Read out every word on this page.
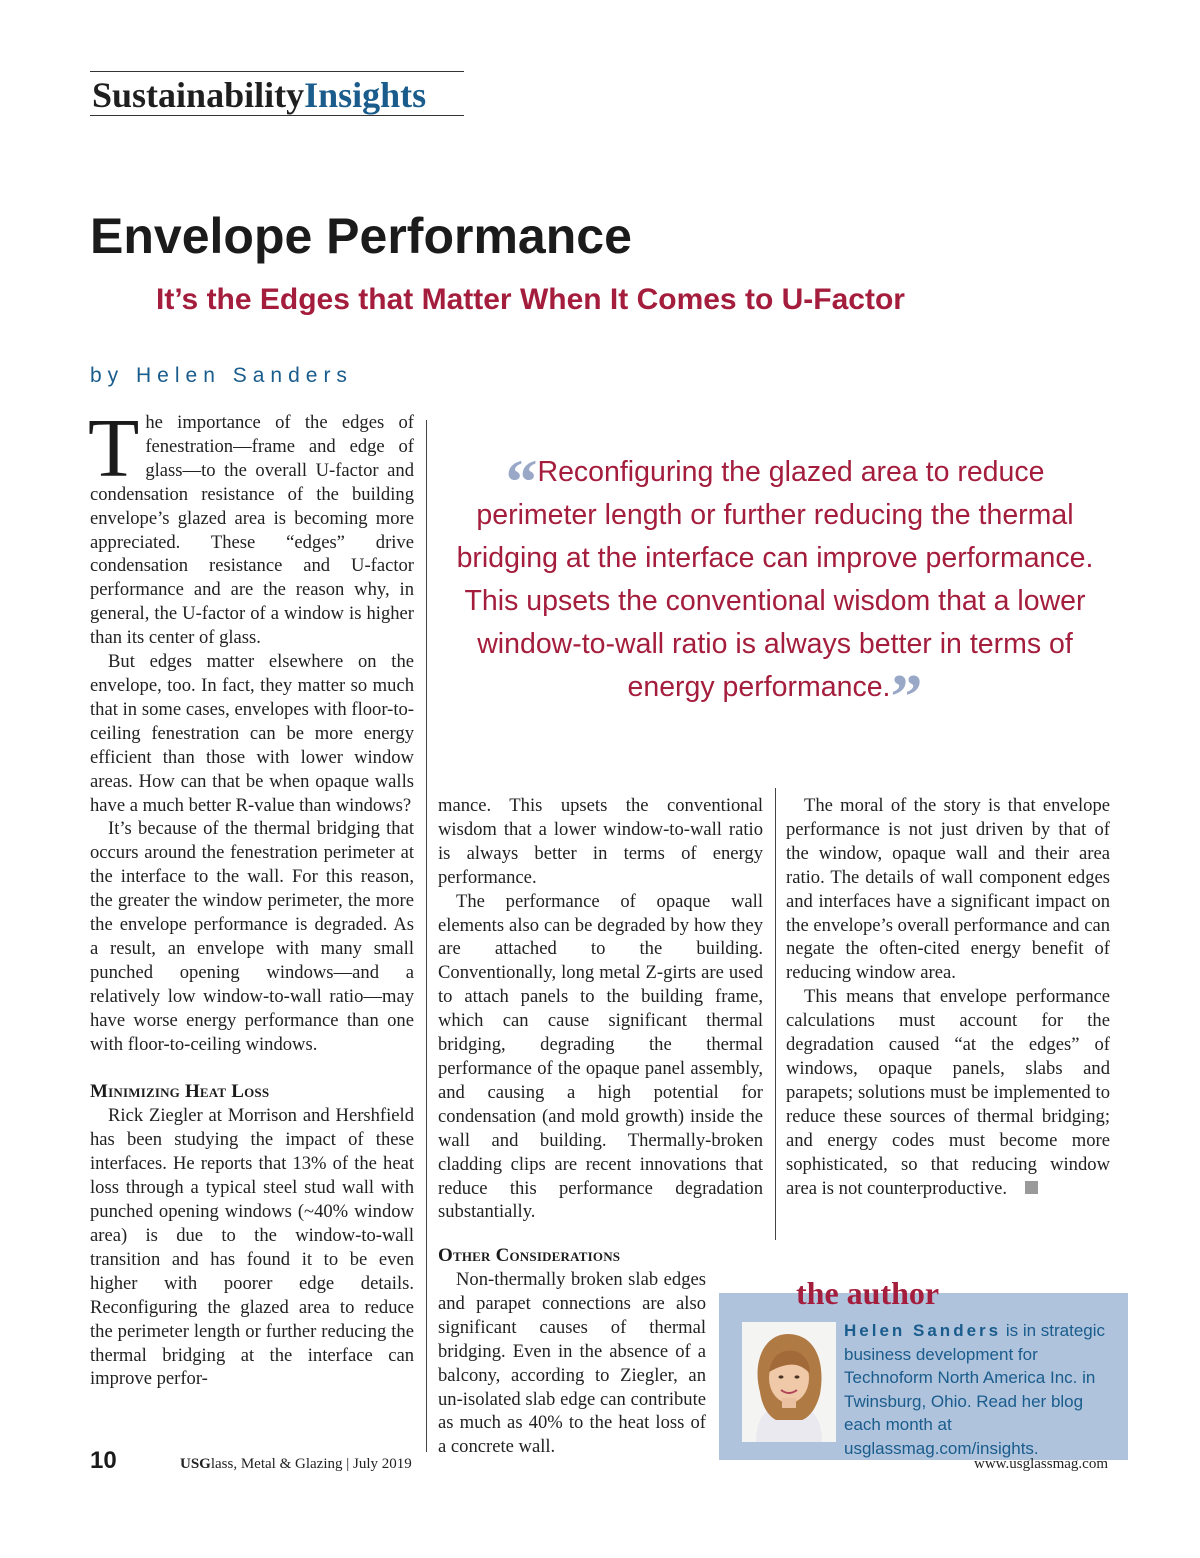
SustainabilityInsights
Envelope Performance
It’s the Edges that Matter When It Comes to U-Factor
by Helen Sanders

The importance of the edges of fenestration—frame and edge of glass—to the overall U-factor and condensation resistance of the building envelope’s glazed area is becoming more appreciated. These “edges” drive condensation resistance and U-factor performance and are the reason why, in general, the U-factor of a window is higher than its center of glass.

But edges matter elsewhere on the envelope, too. In fact, they matter so much that in some cases, envelopes with floor-to-ceiling fenestration can be more energy efficient than those with lower window areas. How can that be when opaque walls have a much better R-value than windows?

It’s because of the thermal bridging that occurs around the fenestration perimeter at the interface to the wall. For this reason, the greater the window perimeter, the more the envelope performance is degraded. As a result, an envelope with many small punched opening windows—and a relatively low window-to-wall ratio—may have worse energy performance than one with floor-to-ceiling windows.

Minimizing Heat Loss

Rick Ziegler at Morrison and Hershfield has been studying the impact of these interfaces. He reports that 13% of the heat loss through a typical steel stud wall with punched opening windows (~40% window area) is due to the window-to-wall transition and has found it to be even higher with poorer edge details. Reconfiguring the glazed area to reduce the perimeter length or further reducing the thermal bridging at the interface can improve perfor-

“Reconfiguring the glazed area to reduce perimeter length or further reducing the thermal bridging at the interface can improve performance. This upsets the conventional wisdom that a lower window-to-wall ratio is always better in terms of energy performance.”

mance. This upsets the conventional wisdom that a lower window-to-wall ratio is always better in terms of energy performance.

The performance of opaque wall elements also can be degraded by how they are attached to the building. Conventionally, long metal Z-girts are used to attach panels to the building frame, which can cause significant thermal bridging, degrading the thermal performance of the opaque panel assembly, and causing a high potential for condensation (and mold growth) inside the wall and building. Thermally-broken cladding clips are recent innovations that reduce this performance degradation substantially.

Other Considerations

Non-thermally broken slab edges and parapet connections are also significant causes of thermal bridging. Even in the absence of a balcony, according to Ziegler, an un-isolated slab edge can contribute as much as 40% to the heat loss of a concrete wall.

The moral of the story is that envelope performance is not just driven by that of the window, opaque wall and their area ratio. The details of wall component edges and interfaces have a significant impact on the envelope’s overall performance and can negate the often-cited energy benefit of reducing window area.

This means that envelope performance calculations must account for the degradation caused “at the edges” of windows, opaque panels, slabs and parapets; solutions must be implemented to reduce these sources of thermal bridging; and energy codes must become more sophisticated, so that reducing window area is not counterproductive.

the author
Helen Sanders is in strategic business development for Technoform North America Inc. in Twinsburg, Ohio. Read her blog each month at usglassmag.com/insights.
10	USGlass, Metal & Glazing | July 2019	www.usglassmag.com
